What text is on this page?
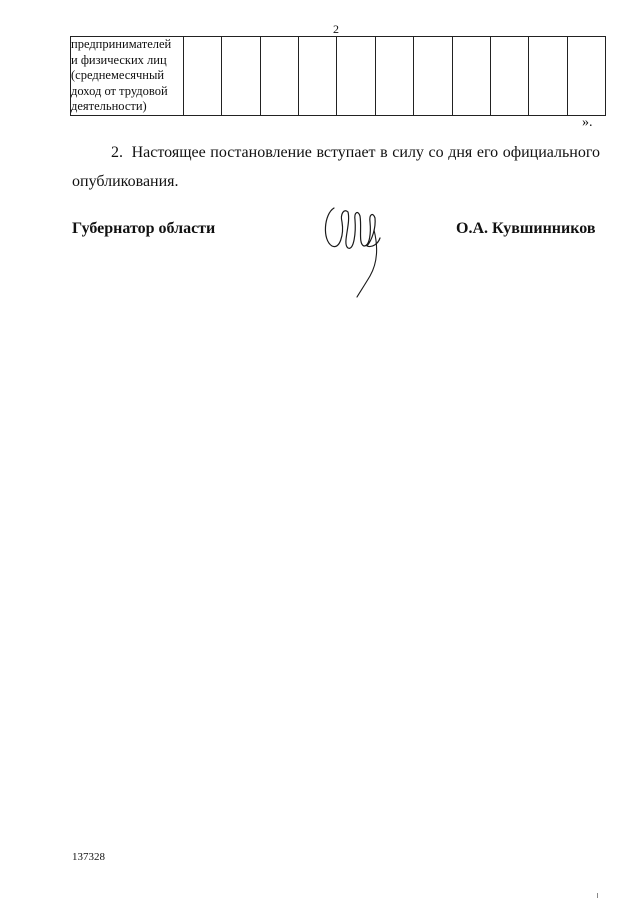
2
предпринимателей
и физических лиц
(среднемесячный
доход от трудовой
деятельности)

».

2. Настоящее постановление вступает в силу со дня его официального опубликования.

Губернатор области	О.А. Кувшинников
137328
